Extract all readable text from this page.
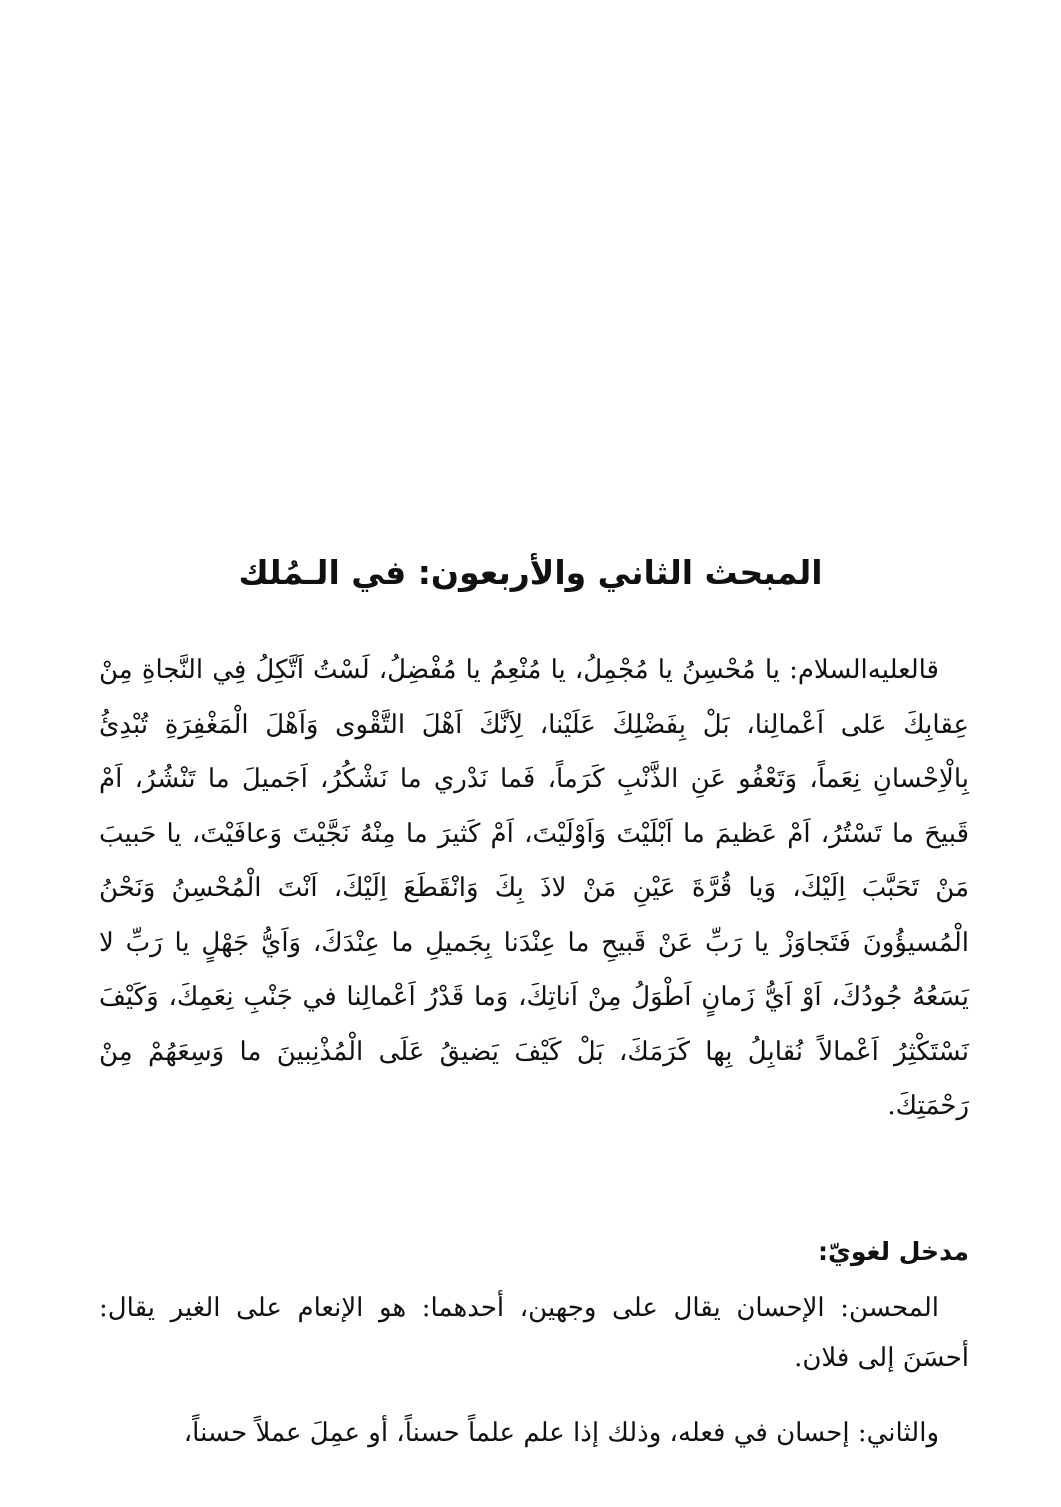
المبحث الثاني والأربعون: في الـمُلك

قالعليه‌السلام: يا مُحْسِنُ يا مُجْمِلُ، يا مُنْعِمُ يا مُفْضِلُ، لَسْتُ اَتَّكِلُ فِي النَّجاةِ مِنْ عِقابِكَ عَلى اَعْمالِنا، بَلْ بِفَضْلِكَ عَلَيْنا، لِاَنَّكَ اَهْلَ التَّقْوى وَاَهْلَ الْمَغْفِرَةِ تُبْدِئُ بِالْاِحْسانِ نِعَماً، وَتَعْفُو عَنِ الذَّنْبِ كَرَماً، فَما نَدْري ما نَشْكُرُ، اَجَميلَ ما تَنْشُرُ، اَمْ قَبيحَ ما تَسْتُرُ، اَمْ عَظيمَ ما اَبْلَيْتَ وَاَوْلَيْتَ، اَمْ كَثيرَ ما مِنْهُ نَجَّيْتَ وَعافَيْتَ، يا حَبيبَ مَنْ تَحَبَّبَ اِلَيْكَ، وَيا قُرَّةَ عَيْنِ مَنْ لاذَ بِكَ وَانْقَطَعَ اِلَيْكَ، اَنْتَ الْمُحْسِنُ وَنَحْنُ الْمُسيؤُونَ فَتَجاوَزْ يا رَبِّ عَنْ قَبيحِ ما عِنْدَنا بِجَميلِ ما عِنْدَكَ، وَاَيُّ جَهْلٍ يا رَبِّ لا يَسَعُهُ جُودُكَ، اَوْ اَيُّ زَمانٍ اَطْوَلُ مِنْ اَناتِكَ، وَما قَدْرُ اَعْمالِنا في جَنْبِ نِعَمِكَ، وَكَيْفَ نَسْتَكْثِرُ اَعْمالاً نُقابِلُ بِها كَرَمَكَ، بَلْ كَيْفَ يَضيقُ عَلَى الْمُذْنِبينَ ما وَسِعَهُمْ مِنْ رَحْمَتِكَ.

مدخل لغويّ:

المحسن: الإحسان يقال على وجهين، أحدهما: هو الإنعام على الغير يقال: أحسَنَ إلى فلان.

والثاني: إحسان في فعله، وذلك إذا علم علماً حسناً، أو عمِلَ عملاً حسناً،
